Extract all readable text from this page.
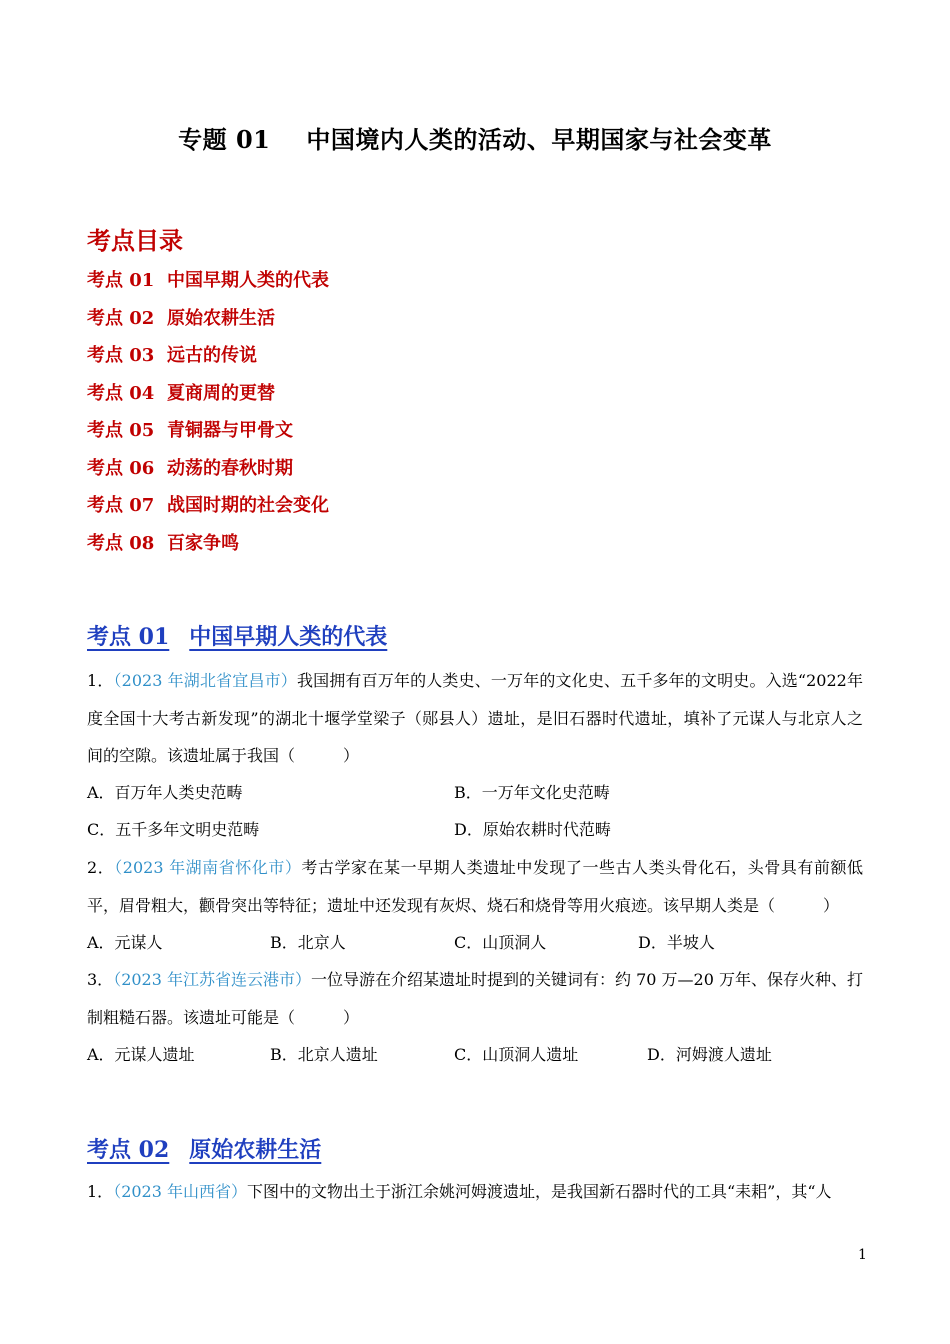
专题 01 中国境内人类的活动、早期国家与社会变革
考点目录
考点 01 中国早期人类的代表
考点 02 原始农耕生活
考点 03 远古的传说
考点 04 夏商周的更替
考点 05 青铜器与甲骨文
考点 06 动荡的春秋时期
考点 07 战国时期的社会变化
考点 08 百家争鸣
考点 01 中国早期人类的代表
1．（2023 年湖北省宜昌市）我国拥有百万年的人类史、一万年的文化史、五千多年的文明史。入选“2022年度全国十大考古新发现”的湖北十堰学堂梁子（郧县人）遗址，是旧石器时代遗址，填补了元谋人与北京人之间的空隙。该遗址属于我国（　　　）
A．百万年人类史范畴	B．一万年文化史范畴
C．五千多年文明史范畴	D．原始农耕时代范畴
2．（2023 年湖南省怀化市）考古学家在某一早期人类遗址中发现了一些古人类头骨化石，头骨具有前额低平，眉骨粗大，颧骨突出等特征；遗址中还发现有灰烬、烧石和烧骨等用火痕迹。该早期人类是（　　　）
A．元谋人	B．北京人	C．山顶洞人	D．半坡人
3．（2023 年江苏省连云港市）一位导游在介绍某遗址时提到的关键词有：约 70 万—20 万年、保存火种、打制粗糙石器。该遗址可能是（　　　）
A．元谋人遗址	B．北京人遗址	C．山顶洞人遗址	D．河姆渡人遗址
考点 02 原始农耕生活
1．（2023 年山西省）下图中的文物出土于浙江余姚河姆渡遗址，是我国新石器时代的工具“耒耜”，其“人
1
